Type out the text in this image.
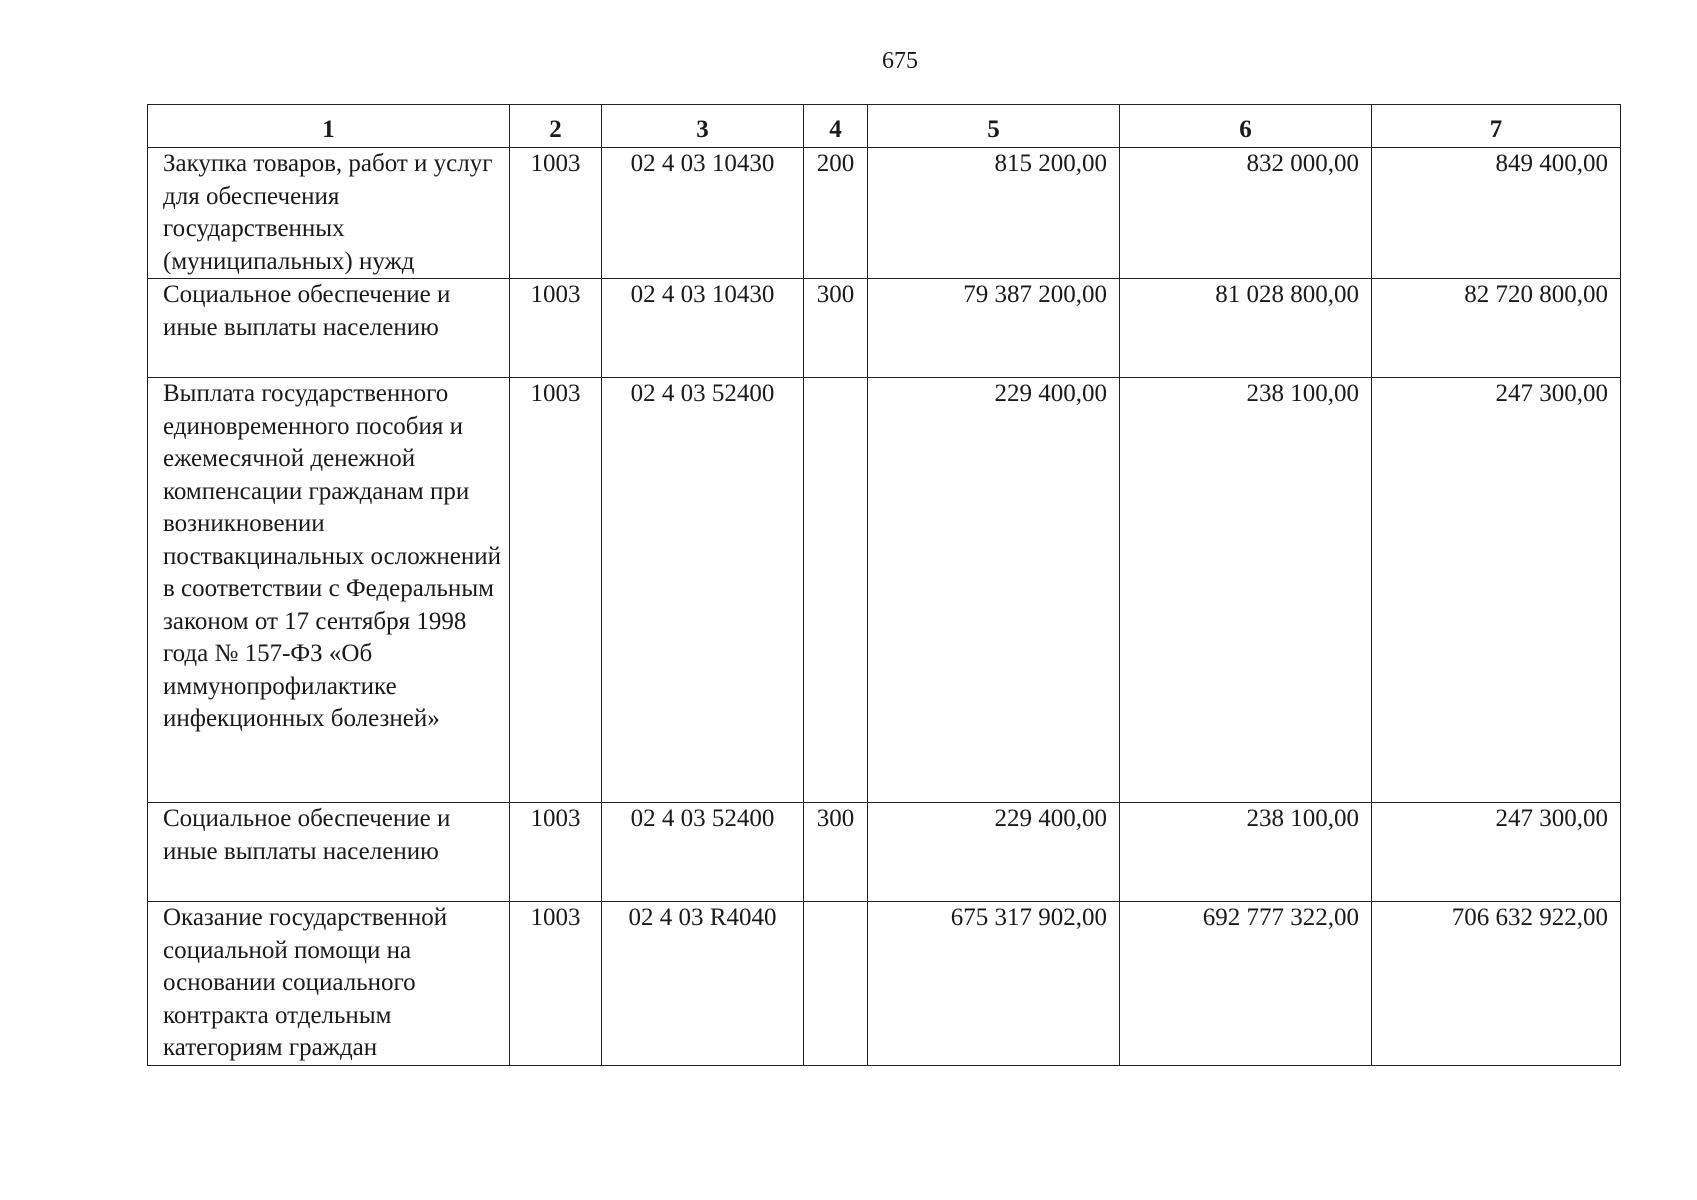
675
1	2	3	4	5	6	7
Закупка товаров, работ и услуг для обеспечения государственных (муниципальных) нужд	1003	02 4 03 10430	200	815 200,00	832 000,00	849 400,00
Социальное обеспечение и иные выплаты населению	1003	02 4 03 10430	300	79 387 200,00	81 028 800,00	82 720 800,00
Выплата государственного единовременного пособия и ежемесячной денежной компенсации гражданам при возникновении поствакцинальных осложнений в соответствии с Федеральным законом от 17 сентября 1998 года № 157-ФЗ «Об иммунопрофилактике инфекционных болезней»	1003	02 4 03 52400		229 400,00	238 100,00	247 300,00
Социальное обеспечение и иные выплаты населению	1003	02 4 03 52400	300	229 400,00	238 100,00	247 300,00
Оказание государственной социальной помощи на основании социального контракта отдельным категориям граждан	1003	02 4 03 R4040		675 317 902,00	692 777 322,00	706 632 922,00
